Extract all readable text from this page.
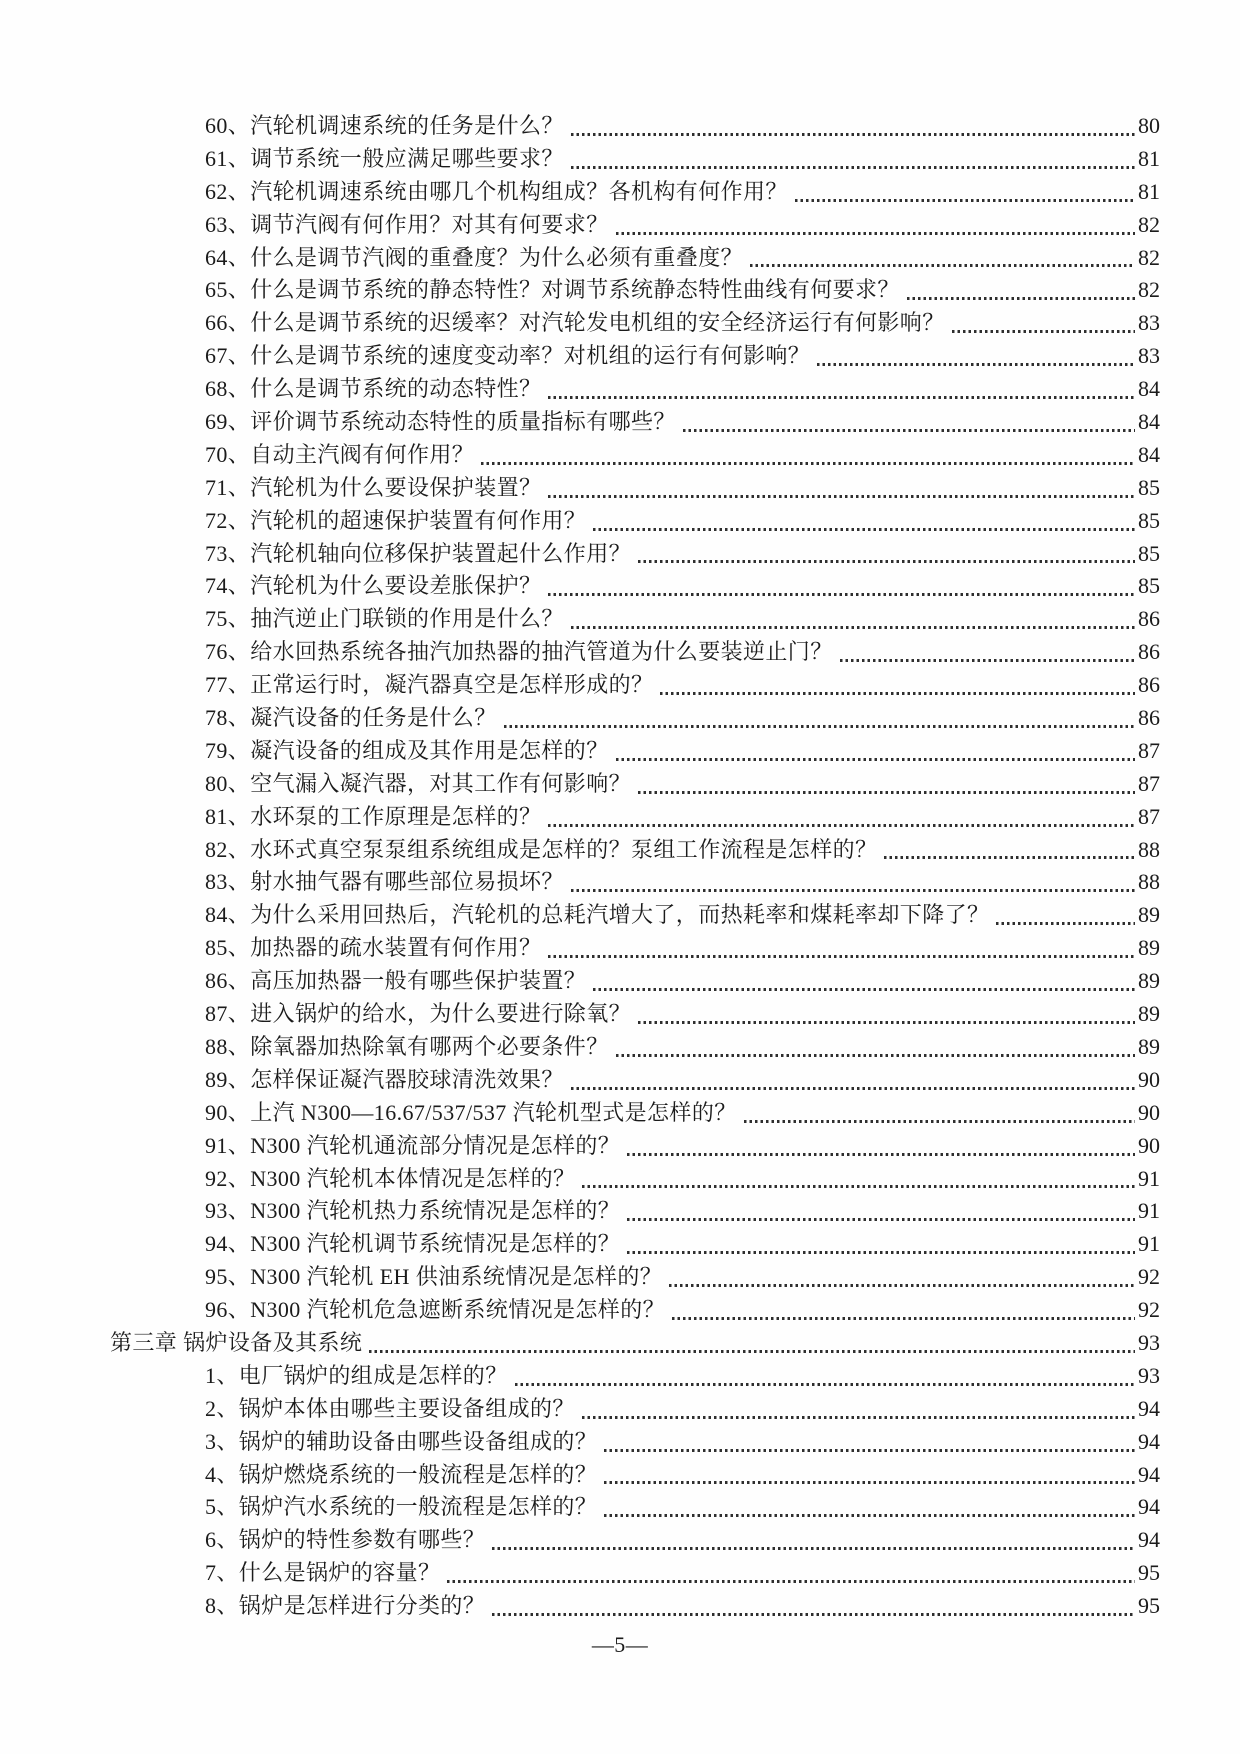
60、汽轮机调速系统的任务是什么？	80
61、调节系统一般应满足哪些要求？	81
62、汽轮机调速系统由哪几个机构组成？各机构有何作用？	81
63、调节汽阀有何作用？对其有何要求？	82
64、什么是调节汽阀的重叠度？为什么必须有重叠度？	82
65、什么是调节系统的静态特性？对调节系统静态特性曲线有何要求？	82
66、什么是调节系统的迟缓率？对汽轮发电机组的安全经济运行有何影响？	83
67、什么是调节系统的速度变动率？对机组的运行有何影响？	83
68、什么是调节系统的动态特性？	84
69、评价调节系统动态特性的质量指标有哪些？	84
70、自动主汽阀有何作用？	84
71、汽轮机为什么要设保护装置？	85
72、汽轮机的超速保护装置有何作用？	85
73、汽轮机轴向位移保护装置起什么作用？	85
74、汽轮机为什么要设差胀保护？	85
75、抽汽逆止门联锁的作用是什么？	86
76、给水回热系统各抽汽加热器的抽汽管道为什么要装逆止门？	86
77、正常运行时，凝汽器真空是怎样形成的？	86
78、凝汽设备的任务是什么？	86
79、凝汽设备的组成及其作用是怎样的？	87
80、空气漏入凝汽器，对其工作有何影响？	87
81、水环泵的工作原理是怎样的？	87
82、水环式真空泵泵组系统组成是怎样的？泵组工作流程是怎样的？	88
83、射水抽气器有哪些部位易损坏？	88
84、为什么采用回热后，汽轮机的总耗汽增大了，而热耗率和煤耗率却下降了？	89
85、加热器的疏水装置有何作用？	89
86、高压加热器一般有哪些保护装置？	89
87、进入锅炉的给水，为什么要进行除氧？	89
88、除氧器加热除氧有哪两个必要条件？	89
89、怎样保证凝汽器胶球清洗效果？	90
90、上汽 N300—16.67/537/537 汽轮机型式是怎样的？	90
91、N300 汽轮机通流部分情况是怎样的？	90
92、N300 汽轮机本体情况是怎样的？	91
93、N300 汽轮机热力系统情况是怎样的？	91
94、N300 汽轮机调节系统情况是怎样的？	91
95、N300 汽轮机 EH 供油系统情况是怎样的？	92
96、N300 汽轮机危急遮断系统情况是怎样的？	92
第三章 锅炉设备及其系统	93
1、电厂锅炉的组成是怎样的？	93
2、锅炉本体由哪些主要设备组成的？	94
3、锅炉的辅助设备由哪些设备组成的？	94
4、锅炉燃烧系统的一般流程是怎样的？	94
5、锅炉汽水系统的一般流程是怎样的？	94
6、锅炉的特性参数有哪些？	94
7、什么是锅炉的容量？	95
8、锅炉是怎样进行分类的？	95
—5—
